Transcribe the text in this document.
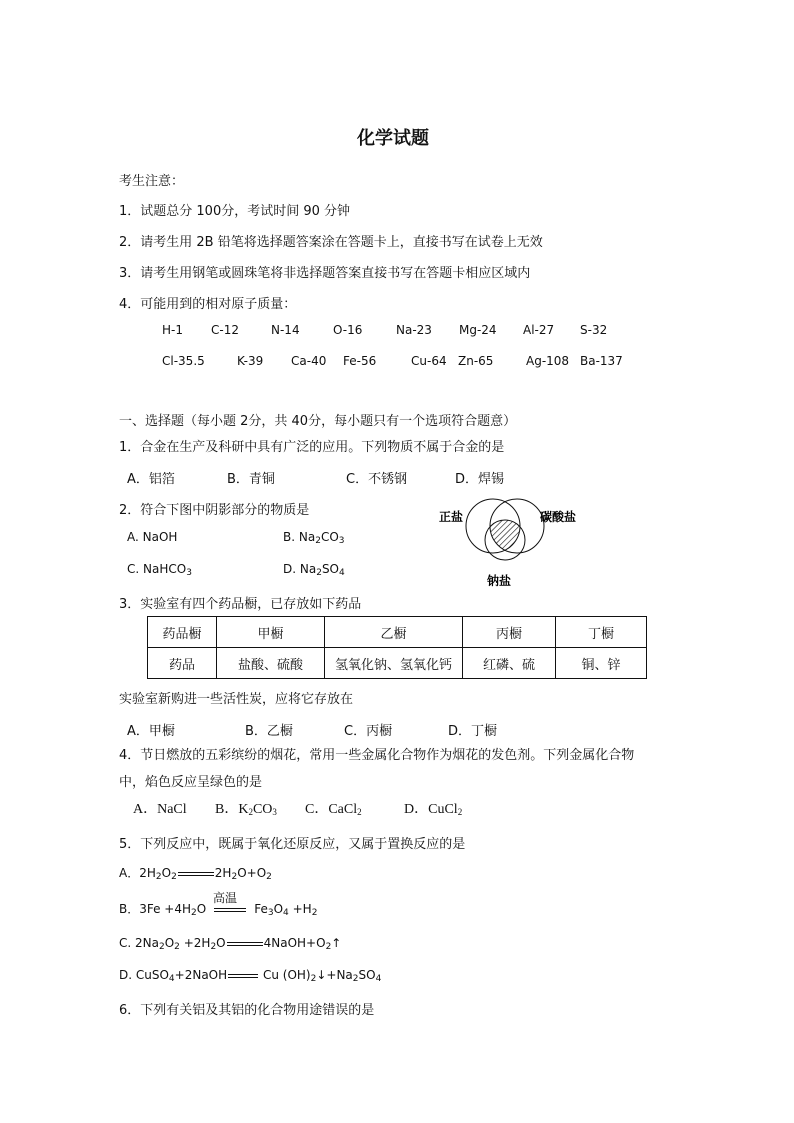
化学试题
考生注意：
1．试题总分 100分，考试时间 90 分钟
2．请考生用 2B 铅笔将选择题答案涂在答题卡上，直接书写在试卷上无效
3．请考生用钢笔或圆珠笔将非选择题答案直接书写在答题卡相应区域内
4．可能用到的相对原子质量：
H-1 C-12	N-14	O-16	Na-23 Mg-24 Al-27 S-32
Cl-35.5	K-39 Ca-40 Fe-56	Cu-64 Zn-65	Ag-108 Ba-137
一、选择题（每小题 2分，共 40分，每小题只有一个选项符合题意）
1．合金在生产及科研中具有广泛的应用。下列物质不属于合金的是
A．铝箔	B．青铜	C．不锈钢	D．焊锡
2．符合下图中阴影部分的物质是
A. NaOH	B. $Na_2CO_3$
C. NaHCO$_3$	D. $Na_2SO_4$
正盐	碳酸盐
钠盐
3．实验室有四个药品橱，已存放如下药品
药品橱	甲橱	乙橱	丙橱	丁橱
药品	盐酸、硫酸	氢氧化钠、氢氧化钙	红磷、硫	铜、锌
实验室新购进一些活性炭，应将它存放在
A．甲橱	B．乙橱	C．丙橱	D．丁橱
4．节日燃放的五彩缤纷的烟花，常用一些金属化合物作为烟花的发色剂。下列金属化合物
中，焰色反应呈绿色的是
A．NaCl B．$K_2CO_3$ C．CaCl$_2$	D．CuCl$_2$
5．下列反应中，既属于氧化还原反应，又属于置换反应的是
A．$2H_2O_2$	$2H_2O+O_2$
高温
B．$3Fe +4H_2O$	$Fe_3O_4 +H_2$
C. $2Na_2O_2 +2H_2O$	$4NaOH+O_2↑$
D. CuSO$_4$+2NaOH	Cu $(OH)_2↓+Na_2SO_4$
6．下列有关铝及其铝的化合物用途错误的是
